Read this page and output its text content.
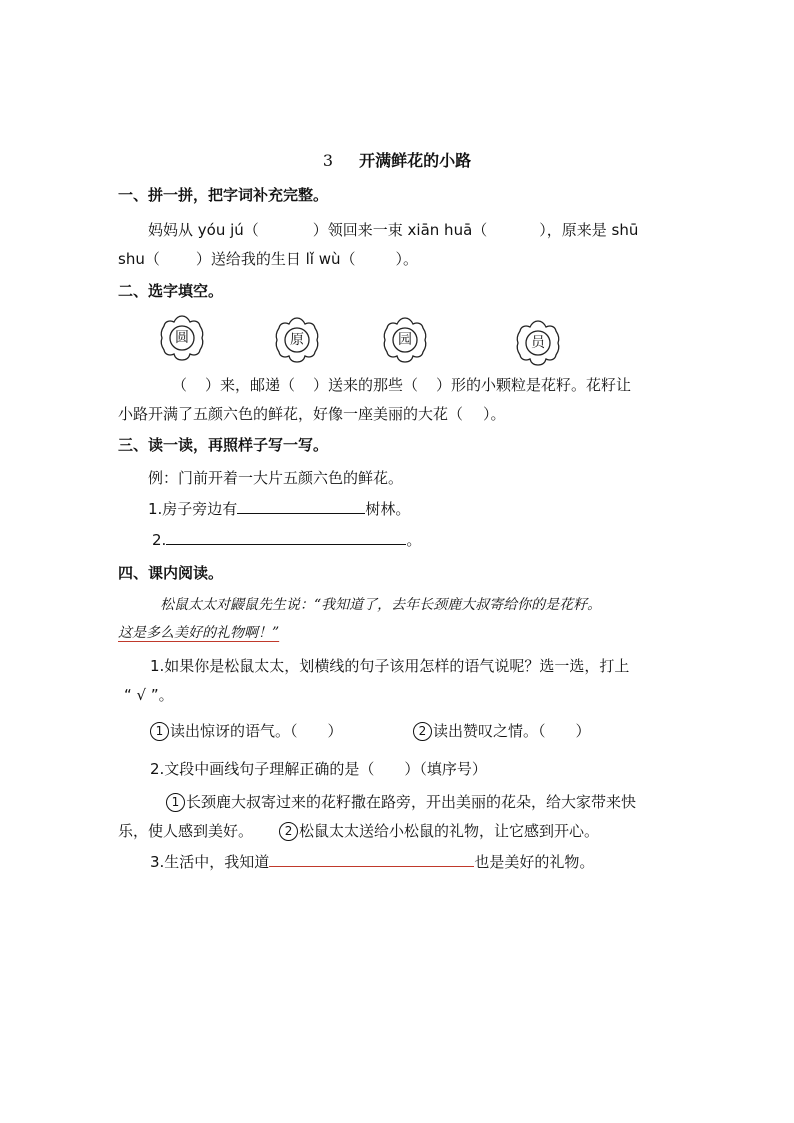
3 开满鲜花的小路
一、拼一拼，把字词补充完整。
妈妈从 yóu jú（	）领回来一束 xiān huā（	），原来是 shū
shu（ ）送给我的生日 lǐ wù（	）。
二、选字填空。
圆	原	园	员
（ ）来，邮递（ ）送来的那些（ ）形的小颗粒是花籽。花籽让
小路开满了五颜六色的鲜花，好像一座美丽的大花（ ）。
三、读一读，再照样子写一写。
例：门前开着一大片五颜六色的鲜花。
1.房子旁边有	树林。
2.	。
四、课内阅读。
松鼠太太对鼹鼠先生说：“我知道了，去年长颈鹿大叔寄给你的是花籽。
这是多么美好的礼物啊！”
1.如果你是松鼠太太，划横线的句子该用怎样的语气说呢？选一选，打上
“ √ ”。
1 读出惊讶的语气。（　　）	2 读出赞叹之情。（　　）
2.文段中画线句子理解正确的是（　　）（填序号）
1 长颈鹿大叔寄过来的花籽撒在路旁，开出美丽的花朵，给大家带来快
乐，使人感到美好。	2 松鼠太太送给小松鼠的礼物，让它感到开心。
3.生活中，我知道	也是美好的礼物。
